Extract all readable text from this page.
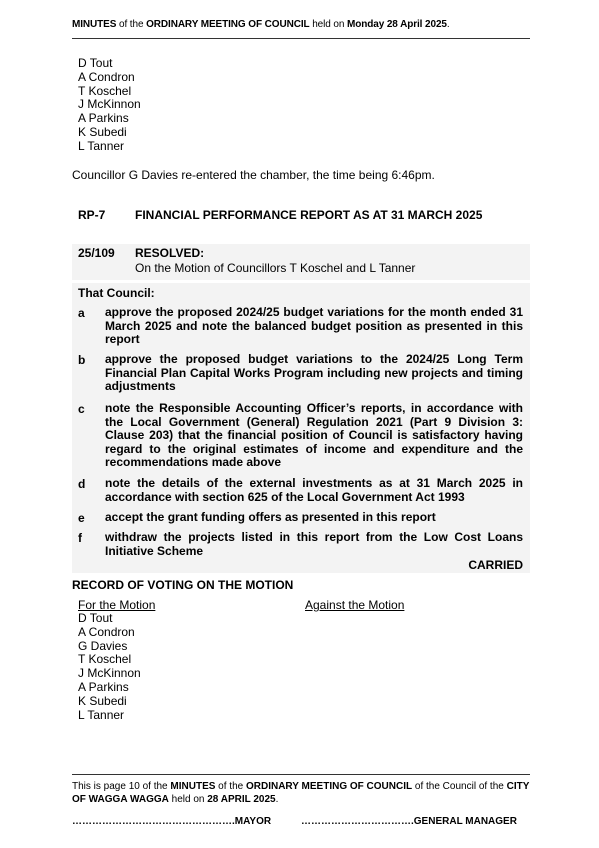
MINUTES of the ORDINARY MEETING OF COUNCIL held on Monday 28 April 2025.
D Tout
A Condron
T Koschel
J McKinnon
A Parkins
K Subedi
L Tanner
Councillor G Davies re-entered the chamber, the time being 6:46pm.
RP-7 FINANCIAL PERFORMANCE REPORT AS AT 31 MARCH 2025
25/109 RESOLVED:
On the Motion of Councillors T Koschel and L Tanner
That Council:
a approve the proposed 2024/25 budget variations for the month ended 31 March 2025 and note the balanced budget position as presented in this report
b approve the proposed budget variations to the 2024/25 Long Term Financial Plan Capital Works Program including new projects and timing adjustments
c note the Responsible Accounting Officer’s reports, in accordance with the Local Government (General) Regulation 2021 (Part 9 Division 3: Clause 203) that the financial position of Council is satisfactory having regard to the original estimates of income and expenditure and the recommendations made above
d note the details of the external investments as at 31 March 2025 in accordance with section 625 of the Local Government Act 1993
e accept the grant funding offers as presented in this report
f withdraw the projects listed in this report from the Low Cost Loans Initiative Scheme
CARRIED
RECORD OF VOTING ON THE MOTION
For the Motion	Against the Motion
D Tout
A Condron
G Davies
T Koschel
J McKinnon
A Parkins
K Subedi
L Tanner
This is page 10 of the MINUTES of the ORDINARY MEETING OF COUNCIL of the Council of the CITY OF WAGGA WAGGA held on 28 APRIL 2025.
………………………………………….MAYOR	…………………………….GENERAL MANAGER
